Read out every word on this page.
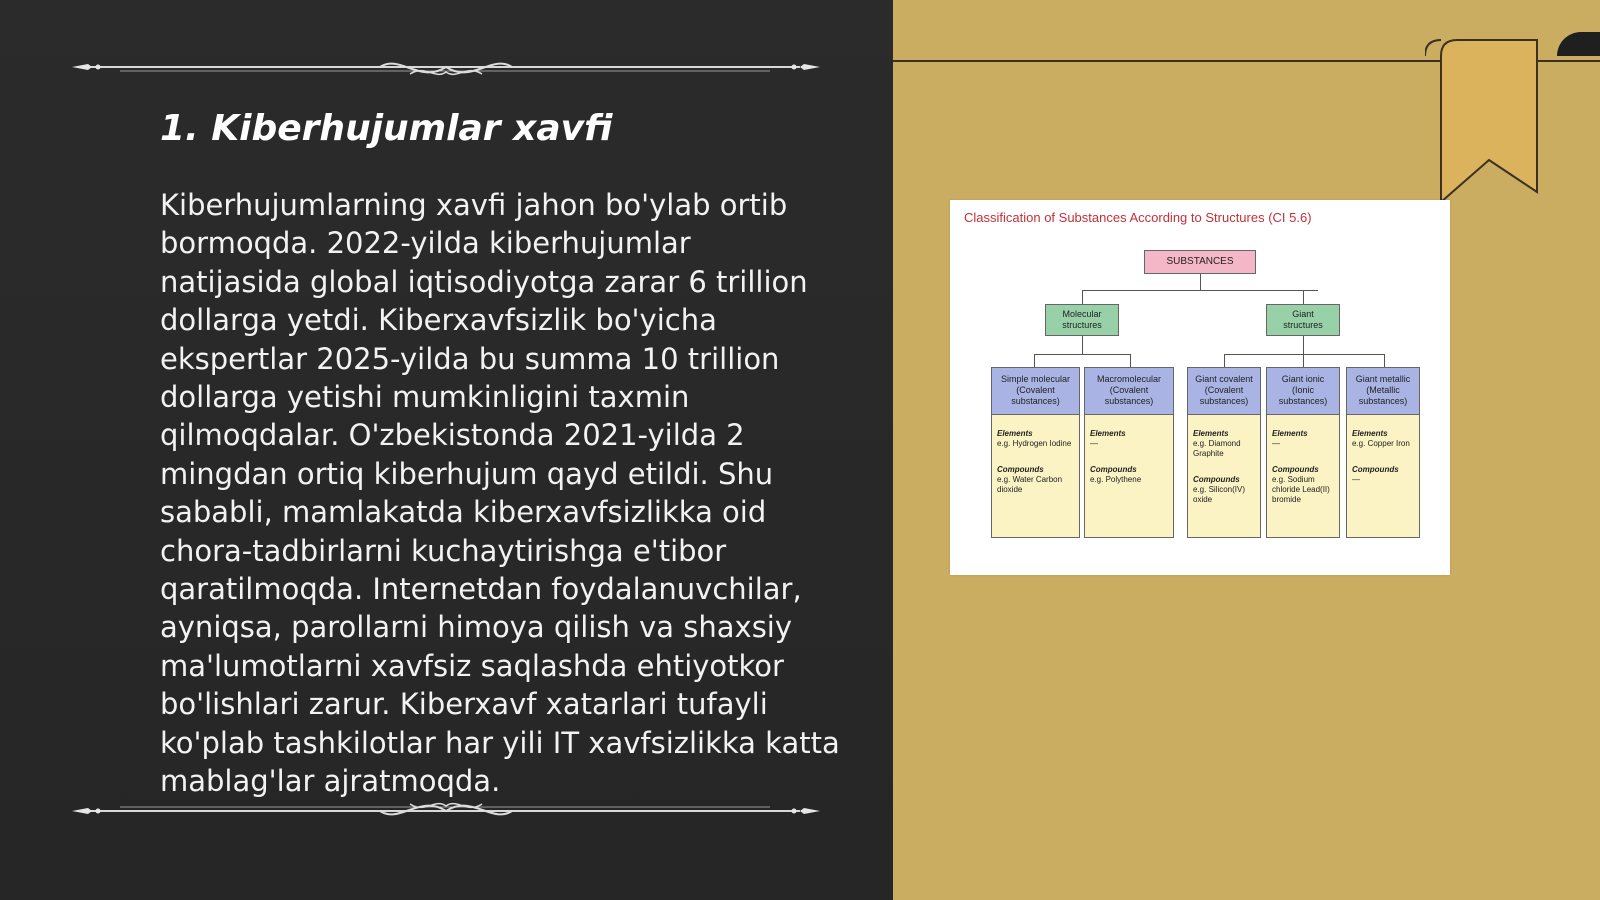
1. Kiberhujumlar xavfi

Kiberhujumlarning xavfi jahon bo'ylab ortib bormoqda. 2022-yilda kiberhujumlar natijasida global iqtisodiyotga zarar 6 trillion dollarga yetdi. Kiberxavfsizlik bo'yicha ekspertlar 2025-yilda bu summa 10 trillion dollarga yetishi mumkinligini taxmin qilmoqdalar. O'zbekistonda 2021-yilda 2 mingdan ortiq kiberhujum qayd etildi. Shu sababli, mamlakatda kiberxavfsizlikka oid chora-tadbirlarni kuchaytirishga e'tibor qaratilmoqda. Internetdan foydalanuvchilar, ayniqsa, parollarni himoya qilish va shaxsiy ma'lumotlarni xavfsiz saqlashda ehtiyotkor bo'lishlari zarur. Kiberxavf xatarlari tufayli ko'plab tashkilotlar har yili IT xavfsizlikka katta mablag'lar ajratmoqda.

Classification of Substances According to Structures (CI 5.6)
SUBSTANCES
Molecular
structures
Giant
structures
Simple molecular
(Covalent substances)
Elements
e.g. Hydrogen Iodine
Compounds
e.g. Water Carbon dioxide
Macromolecular
(Covalent substances)
Elements
—
Compounds
e.g. Polythene
Giant covalent
(Covalent substances)
Elements
e.g. Diamond Graphite
Compounds
e.g. Silicon(IV) oxide
Giant ionic
(Ionic substances)
Elements
—
Compounds
e.g. Sodium chloride Lead(II) bromide
Giant metallic
(Metallic substances)
Elements
e.g. Copper Iron
Compounds
—
